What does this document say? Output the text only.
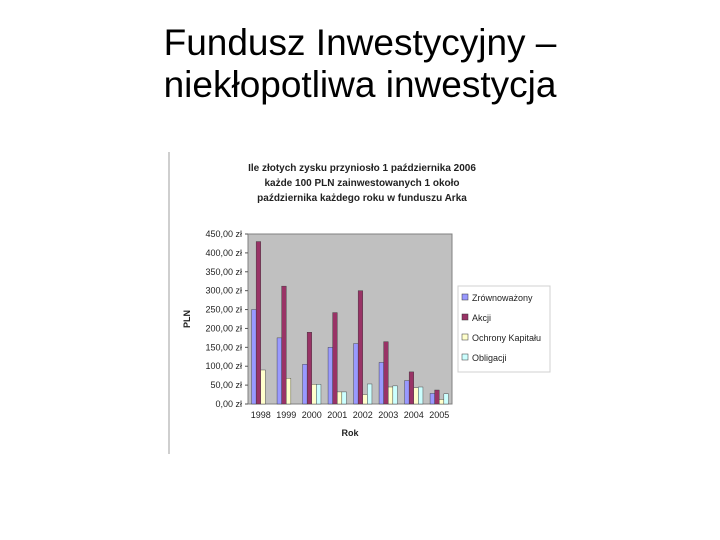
Fundusz Inwestycyjny –
niekłopotliwa inwestycja
Ile złotych zysku przyniosło 1 października 2006
każde 100 PLN zainwestowanych 1 około
października każdego roku w funduszu Arka
0,00 zł
50,00 zł
100,00 zł
150,00 zł
200,00 zł
250,00 zł
300,00 zł
350,00 zł
400,00 zł
450,00 zł
PLN
1998 1999 2000 2001 2002 2003 2004 2005
Rok
Zrównoważony
Akcji
Ochrony Kapitału
Obligacji
